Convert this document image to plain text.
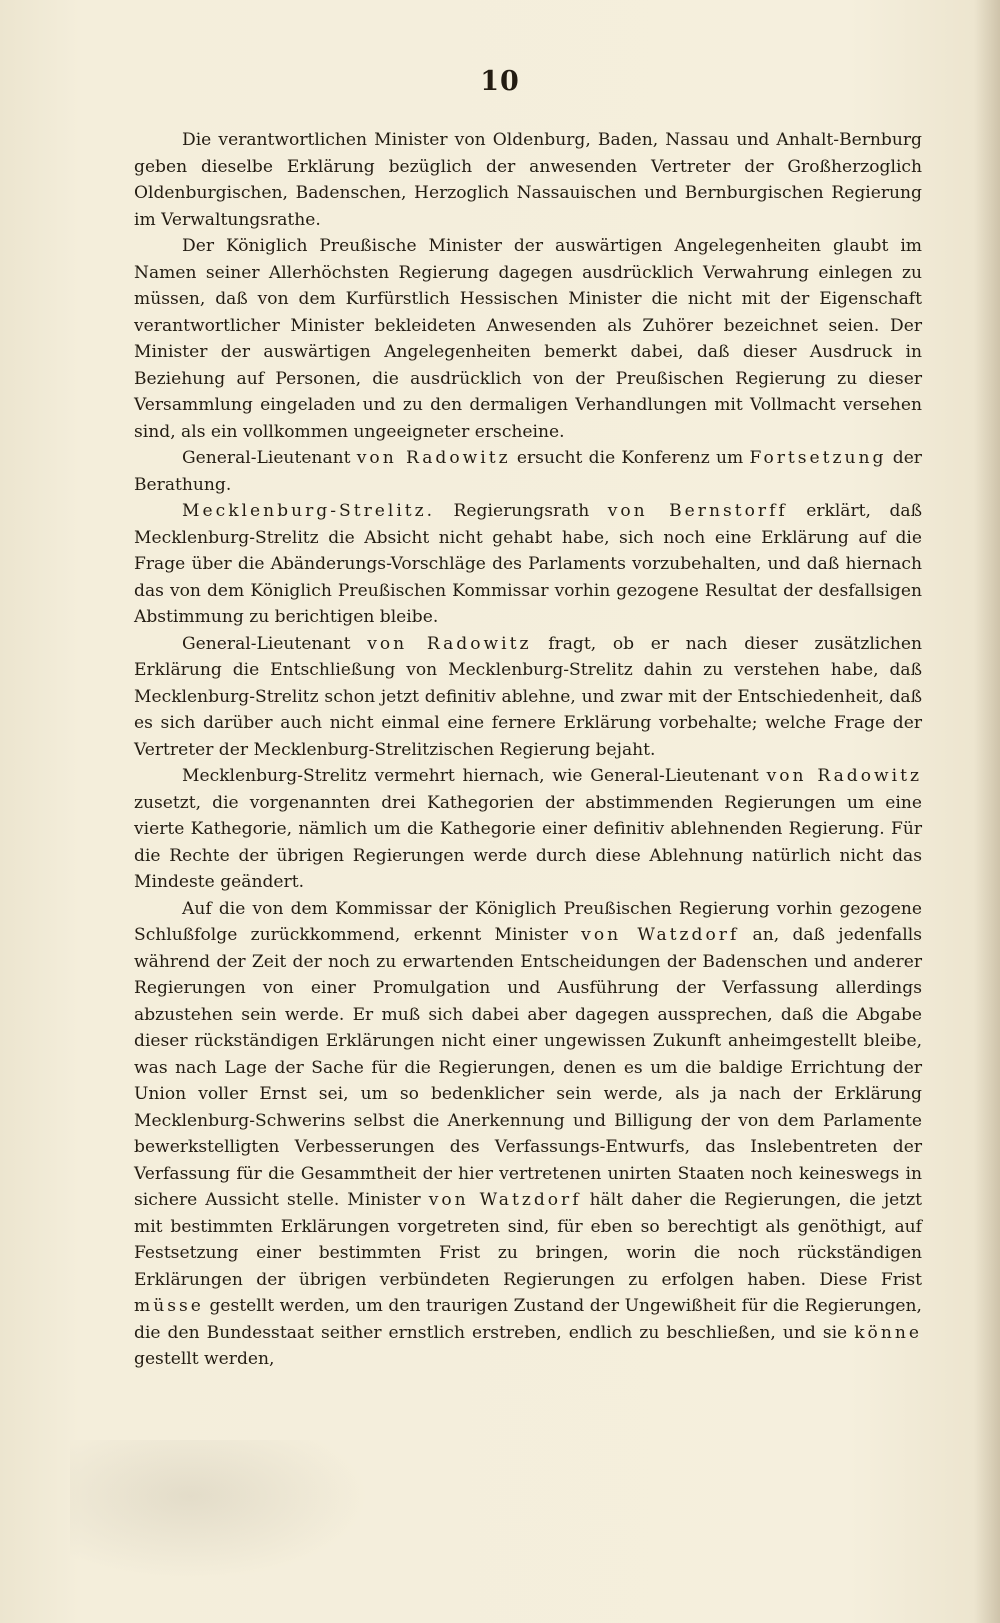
10

Die verantwortlichen Minister von Oldenburg, Baden, Nassau und Anhalt-Bernburg geben dieselbe Erklärung bezüglich der anwesenden Vertreter der Großherzoglich Oldenburgischen, Badenschen, Herzoglich Nassauischen und Bernburgischen Regierung im Verwaltungsrathe.

Der Königlich Preußische Minister der auswärtigen Angelegenheiten glaubt im Namen seiner Allerhöchsten Regierung dagegen ausdrücklich Verwahrung einlegen zu müssen, daß von dem Kurfürstlich Hessischen Minister die nicht mit der Eigenschaft verantwortlicher Minister bekleideten Anwesenden als Zuhörer bezeichnet seien. Der Minister der auswärtigen Angelegenheiten bemerkt dabei, daß dieser Ausdruck in Beziehung auf Personen, die ausdrücklich von der Preußischen Regierung zu dieser Versammlung eingeladen und zu den dermaligen Verhandlungen mit Vollmacht versehen sind, als ein vollkommen ungeeigneter erscheine.

General-Lieutenant von Radowitz ersucht die Konferenz um Fortsetzung der Berathung.

Mecklenburg-Strelitz. Regierungsrath von Bernstorff erklärt, daß Mecklenburg-Strelitz die Absicht nicht gehabt habe, sich noch eine Erklärung auf die Frage über die Abänderungs-Vorschläge des Parlaments vorzubehalten, und daß hiernach das von dem Königlich Preußischen Kommissar vorhin gezogene Resultat der desfallsigen Abstimmung zu berichtigen bleibe.

General-Lieutenant von Radowitz fragt, ob er nach dieser zusätzlichen Erklärung die Entschließung von Mecklenburg-Strelitz dahin zu verstehen habe, daß Mecklenburg-Strelitz schon jetzt definitiv ablehne, und zwar mit der Entschiedenheit, daß es sich darüber auch nicht einmal eine fernere Erklärung vorbehalte; welche Frage der Vertreter der Mecklenburg-Strelitzischen Regierung bejaht.

Mecklenburg-Strelitz vermehrt hiernach, wie General-Lieutenant von Radowitz zusetzt, die vorgenannten drei Kathegorien der abstimmenden Regierungen um eine vierte Kathegorie, nämlich um die Kathegorie einer definitiv ablehnenden Regierung. Für die Rechte der übrigen Regierungen werde durch diese Ablehnung natürlich nicht das Mindeste geändert.

Auf die von dem Kommissar der Königlich Preußischen Regierung vorhin gezogene Schlußfolge zurückkommend, erkennt Minister von Watzdorf an, daß jedenfalls während der Zeit der noch zu erwartenden Entscheidungen der Badenschen und anderer Regierungen von einer Promulgation und Ausführung der Verfassung allerdings abzustehen sein werde. Er muß sich dabei aber dagegen aussprechen, daß die Abgabe dieser rückständigen Erklärungen nicht einer ungewissen Zukunft anheimgestellt bleibe, was nach Lage der Sache für die Regierungen, denen es um die baldige Errichtung der Union voller Ernst sei, um so bedenklicher sein werde, als ja nach der Erklärung Mecklenburg-Schwerins selbst die Anerkennung und Billigung der von dem Parlamente bewerkstelligten Verbesserungen des Verfassungs-Entwurfs, das Inslebentreten der Verfassung für die Gesammtheit der hier vertretenen unirten Staaten noch keineswegs in sichere Aussicht stelle. Minister von Watzdorf hält daher die Regierungen, die jetzt mit bestimmten Erklärungen vorgetreten sind, für eben so berechtigt als genöthigt, auf Festsetzung einer bestimmten Frist zu bringen, worin die noch rückständigen Erklärungen der übrigen verbündeten Regierungen zu erfolgen haben. Diese Frist müsse gestellt werden, um den traurigen Zustand der Ungewißheit für die Regierungen, die den Bundesstaat seither ernstlich erstreben, endlich zu beschließen, und sie könne gestellt werden,
